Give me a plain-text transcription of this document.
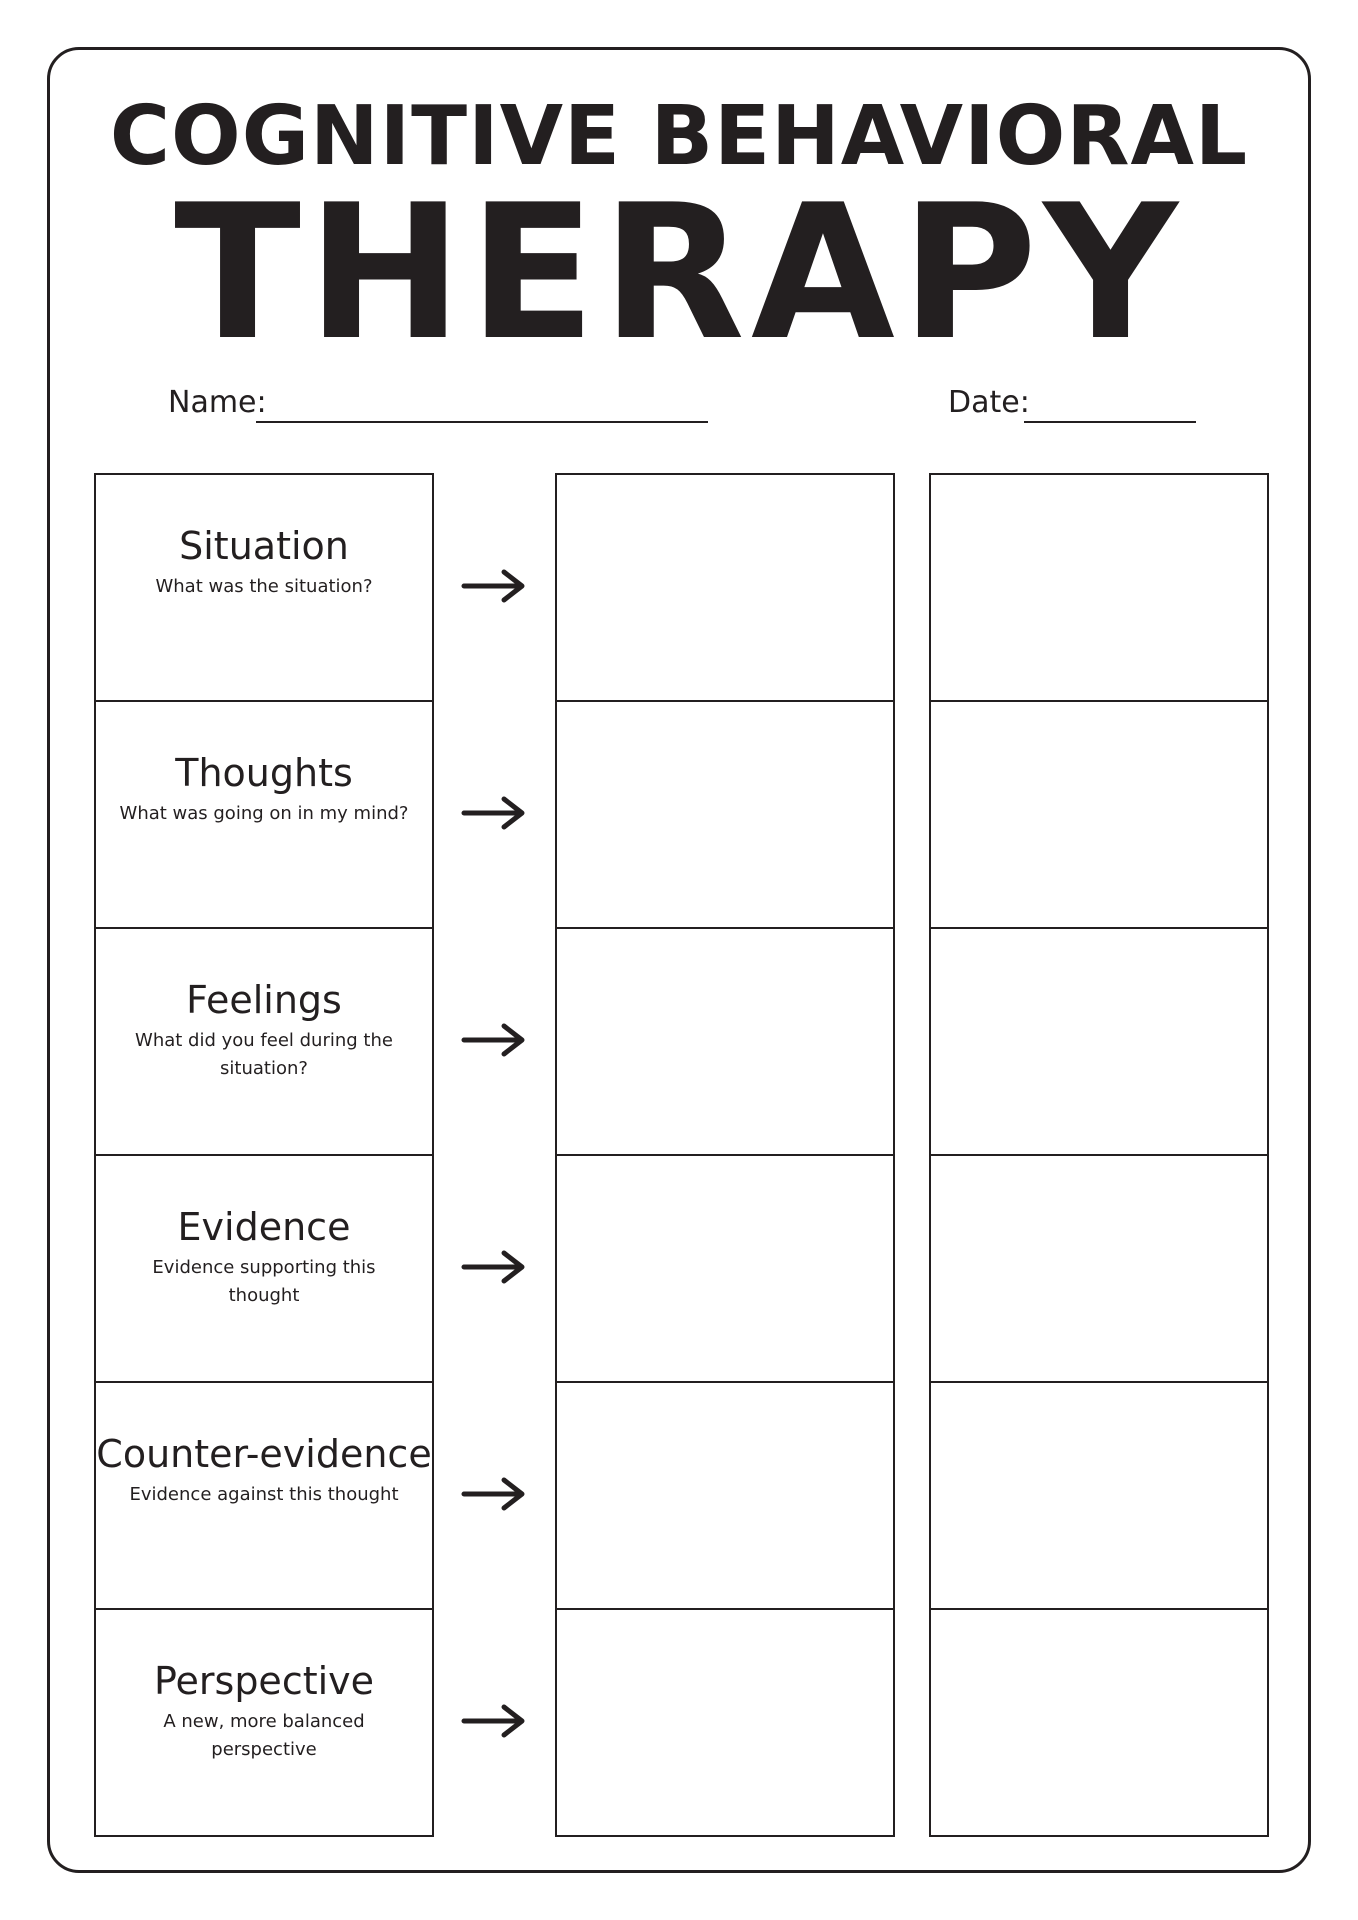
COGNITIVE BEHAVIORAL
THERAPY
Name:	Date:
Situation
What was the situation?
Thoughts
What was going on in my mind?
Feelings
What did you feel during the situation?
Evidence
Evidence supporting this thought
Counter-evidence
Evidence against this thought
Perspective
A new, more balanced perspective
